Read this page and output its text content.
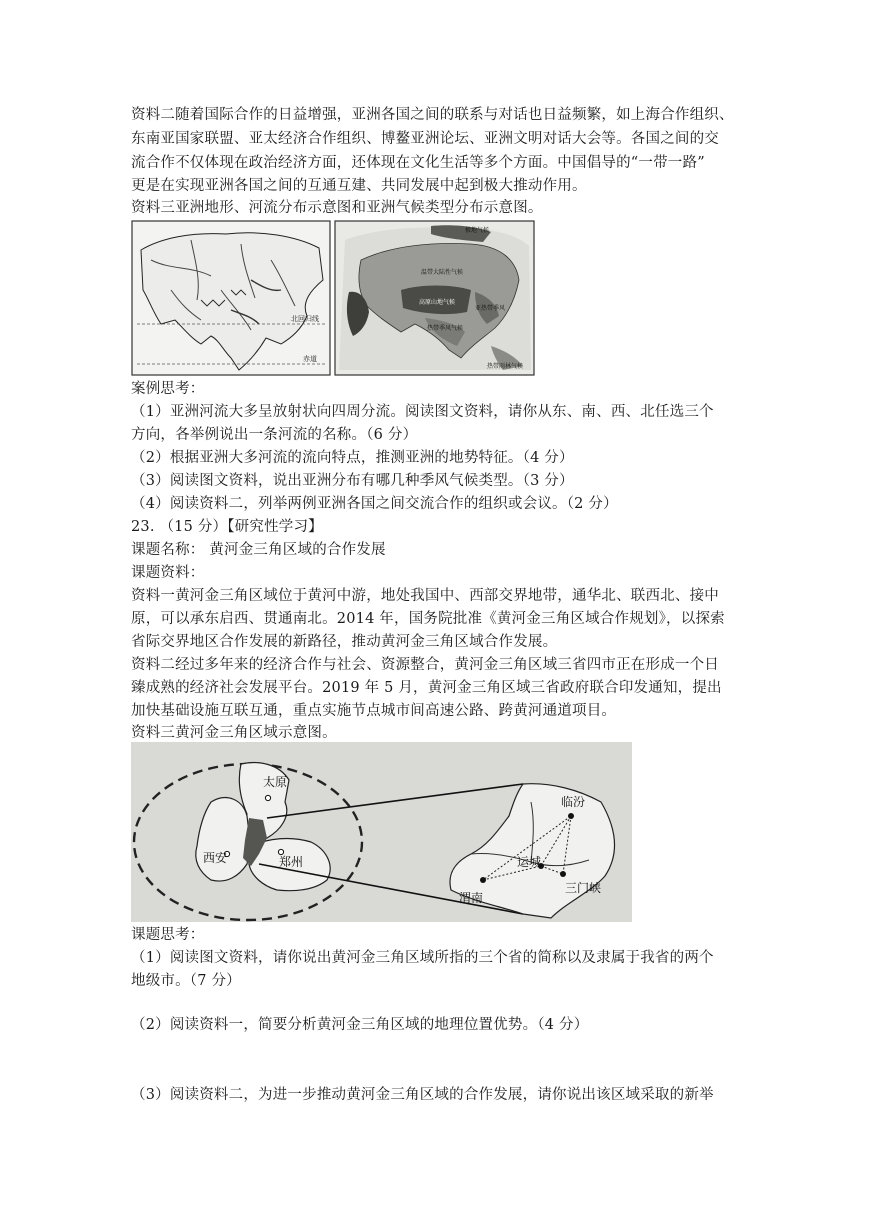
资料二随着国际合作的日益增强，亚洲各国之间的联系与对话也日益频繁，如上海合作组织、
东南亚国家联盟、亚太经济合作组织、博鳌亚洲论坛、亚洲文明对话大会等。各国之间的交
流合作不仅体现在政治经济方面，还体现在文化生活等多个方面。中国倡导的“一带一路”
更是在实现亚洲各国之间的互通互建、共同发展中起到极大推动作用。
资料三亚洲地形、河流分布示意图和亚洲气候类型分布示意图。
北回归线
赤道
极地气候
温带大陆性气候
高原山地气候
亚热带季风
热带季风气候
热带雨林气候
案例思考：
（1）亚洲河流大多呈放射状向四周分流。阅读图文资料，请你从东、南、西、北任选三个
方向，各举例说出一条河流的名称。（6 分）
（2）根据亚洲大多河流的流向特点，推测亚洲的地势特征。（4 分）
（3）阅读图文资料，说出亚洲分布有哪几种季风气候类型。（3 分）
（4）阅读资料二，列举两例亚洲各国之间交流合作的组织或会议。（2 分）
23. （15 分）【研究性学习】
课题名称： 黄河金三角区域的合作发展
课题资料：
资料一黄河金三角区域位于黄河中游，地处我国中、西部交界地带，通华北、联西北、接中
原，可以承东启西、贯通南北。2014 年，国务院批准《黄河金三角区域合作规划》，以探索
省际交界地区合作发展的新路径，推动黄河金三角区域合作发展。
资料二经过多年来的经济合作与社会、资源整合，黄河金三角区域三省四市正在形成一个日
臻成熟的经济社会发展平台。2019 年 5 月，黄河金三角区域三省政府联合印发通知，提出
加快基础设施互联互通，重点实施节点城市间高速公路、跨黄河通道项目。
资料三黄河金三角区域示意图。
太原
西安	郑州
临汾
运城
渭南
三门峡
课题思考：
（1）阅读图文资料，请你说出黄河金三角区域所指的三个省的简称以及隶属于我省的两个
地级市。（7 分）
（2）阅读资料一，简要分析黄河金三角区域的地理位置优势。（4 分）
（3）阅读资料二，为进一步推动黄河金三角区域的合作发展，请你说出该区域采取的新举
